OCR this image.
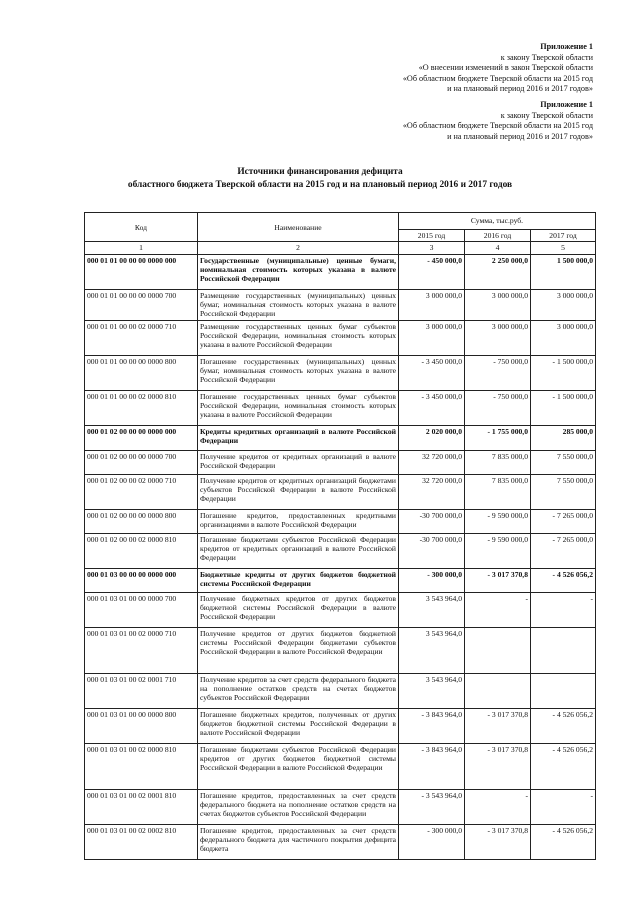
Приложение 1
к закону Тверской области
«О внесении изменений в закон Тверской области
«Об областном бюджете Тверской области на 2015 год
и на плановый период 2016 и 2017 годов»
Приложение 1
к закону Тверской области
«Об областном бюджете Тверской области на 2015 год
и на плановый период 2016 и 2017 годов»
Источники финансирования дефицита
областного бюджета Тверской области на 2015 год и на плановый период 2016 и 2017 годов
Код	Наименование	Сумма, тыс.руб.		
		2015 год	2016 год	2017 год
1	2	3	4	5
000 01 01 00 00 00 0000 000	Государственные (муниципальные) ценные бумаги, номинальная стоимость которых указана в валюте Российской Федерации	- 450 000,0	2 250 000,0	1 500 000,0
000 01 01 00 00 00 0000 700	Размещение государственных (муниципальных) ценных бумаг, номинальная стоимость которых указана в валюте Российской Федерации	3 000 000,0	3 000 000,0	3 000 000,0
000 01 01 00 00 02 0000 710	Размещение государственных ценных бумаг субъектов Российской Федерации, номинальная стоимость которых указана в валюте Российской Федерации	3 000 000,0	3 000 000,0	3 000 000,0
000 01 01 00 00 00 0000 800	Погашение государственных (муниципальных) ценных бумаг, номинальная стоимость которых указана в валюте Российской Федерации	- 3 450 000,0	- 750 000,0	- 1 500 000,0
000 01 01 00 00 02 0000 810	Погашение государственных ценных бумаг субъектов Российской Федерации, номинальная стоимость которых указана в валюте Российской Федерации	- 3 450 000,0	- 750 000,0	- 1 500 000,0
000 01 02 00 00 00 0000 000	Кредиты кредитных организаций в валюте Российской Федерации	2 020 000,0	- 1 755 000,0	285 000,0
000 01 02 00 00 00 0000 700	Получение кредитов от кредитных организаций в валюте Российской Федерации	32 720 000,0	7 835 000,0	7 550 000,0
000 01 02 00 00 02 0000 710	Получение кредитов от кредитных организаций бюджетами субъектов Российской Федерации в валюте Российской Федерации	32 720 000,0	7 835 000,0	7 550 000,0
000 01 02 00 00 00 0000 800	Погашение кредитов, предоставленных кредитными организациями в валюте Российской Федерации	-30 700 000,0	- 9 590 000,0	- 7 265 000,0
000 01 02 00 00 02 0000 810	Погашение бюджетами субъектов Российской Федерации кредитов от кредитных организаций в валюте Российской Федерации	-30 700 000,0	- 9 590 000,0	- 7 265 000,0
000 01 03 00 00 00 0000 000	Бюджетные кредиты от других бюджетов бюджетной системы Российской Федерации	- 300 000,0	- 3 017 370,8	- 4 526 056,2
000 01 03 01 00 00 0000 700	Получение бюджетных кредитов от других бюджетов бюджетной системы Российской Федерации в валюте Российской Федерации	3 543 964,0	-	-
000 01 03 01 00 02 0000 710	Получение кредитов от других бюджетов бюджетной системы Российской Федерации бюджетами субъектов Российской Федерации в валюте Российской Федерации	3 543 964,0		
000 01 03 01 00 02 0001 710	Получение кредитов за счет средств федерального бюджета на пополнение остатков средств на счетах бюджетов субъектов Российской Федерации	3 543 964,0		
000 01 03 01 00 00 0000 800	Погашение бюджетных кредитов, полученных от других бюджетов бюджетной системы Российской Федерации в валюте Российской Федерации	- 3 843 964,0	- 3 017 370,8	- 4 526 056,2
000 01 03 01 00 02 0000 810	Погашение бюджетами субъектов Российской Федерации кредитов от других бюджетов бюджетной системы Российской Федерации в валюте Российской Федерации	- 3 843 964,0	- 3 017 370,8	- 4 526 056,2
000 01 03 01 00 02 0001 810	Погашение кредитов, предоставленных за счет средств федерального бюджета на пополнение остатков средств на счетах бюджетов субъектов Российской Федерации	- 3 543 964,0	-	-
000 01 03 01 00 02 0002 810	Погашение кредитов, предоставленных за счет средств федерального бюджета для частичного покрытия дефицита бюджета	- 300 000,0	- 3 017 370,8	- 4 526 056,2
